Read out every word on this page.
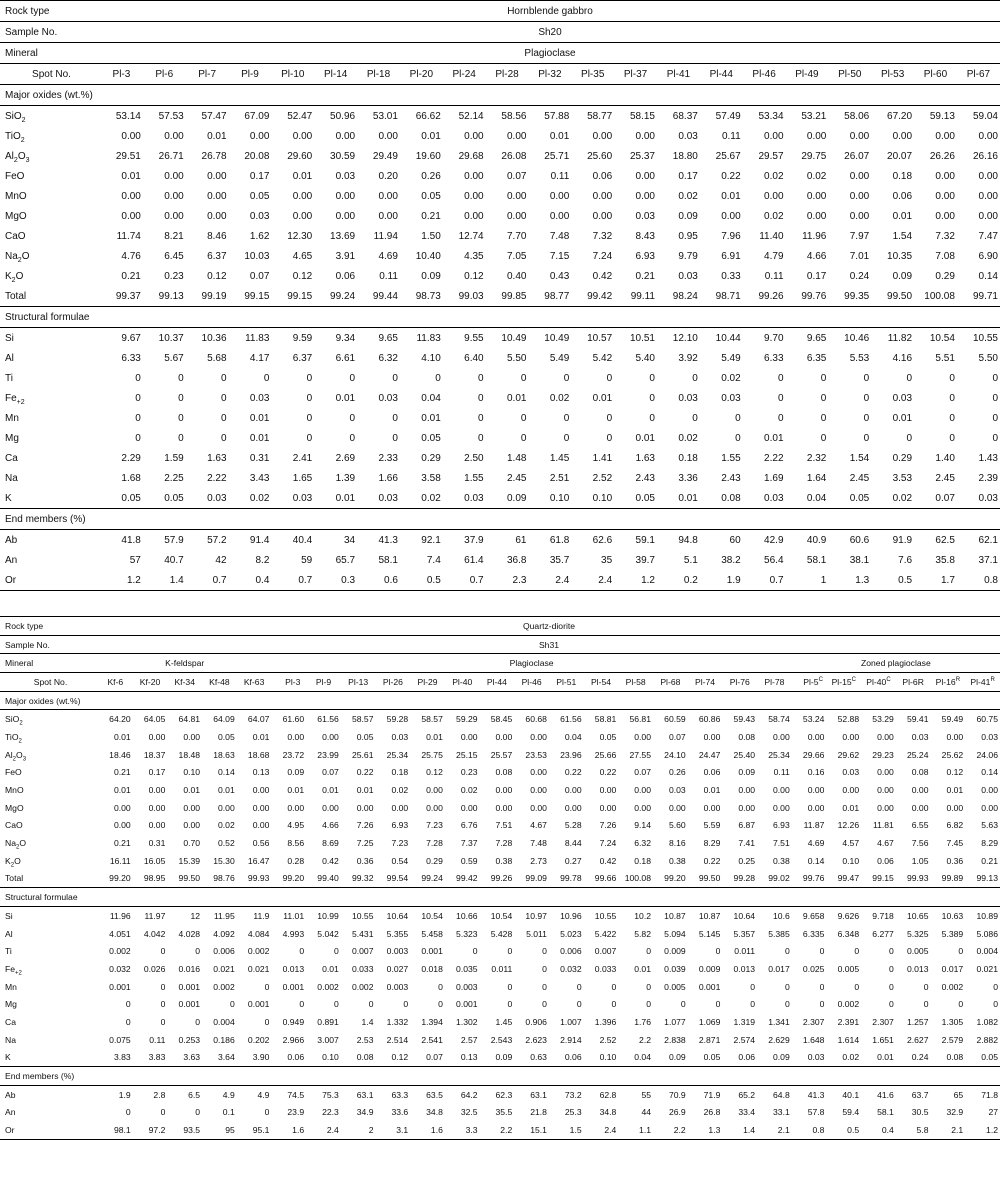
Rock type	Hornblende gabbro																				
Sample No.	Sh20																				
Mineral	Plagioclase																				
Spot No.	Pl-3	Pl-6	Pl-7	Pl-9	Pl-10	Pl-14	Pl-18	Pl-20	Pl-24	Pl-28	Pl-32	Pl-35	Pl-37	Pl-41	Pl-44	Pl-46	Pl-49	Pl-50	Pl-53	Pl-60	Pl-67
Major oxides (wt.%)																					
SiO$_2$	53.14	57.53	57.47	67.09	52.47	50.96	53.01	66.62	52.14	58.56	57.88	58.77	58.15	68.37	57.49	53.34	53.21	58.06	67.20	59.13	59.04
TiO$_2$	0.00	0.00	0.01	0.00	0.00	0.00	0.00	0.01	0.00	0.00	0.01	0.00	0.00	0.03	0.11	0.00	0.00	0.00	0.00	0.00	0.00
$Al_2O_3$	29.51	26.71	26.78	20.08	29.60	30.59	29.49	19.60	29.68	26.08	25.71	25.60	25.37	18.80	25.67	29.57	29.75	26.07	20.07	26.26	26.16
FeO	0.01	0.00	0.00	0.17	0.01	0.03	0.20	0.26	0.00	0.07	0.11	0.06	0.00	0.17	0.22	0.02	0.02	0.00	0.18	0.00	0.00
MnO	0.00	0.00	0.00	0.05	0.00	0.00	0.00	0.05	0.00	0.00	0.00	0.00	0.00	0.02	0.01	0.00	0.00	0.00	0.06	0.00	0.00
MgO	0.00	0.00	0.00	0.03	0.00	0.00	0.00	0.21	0.00	0.00	0.00	0.00	0.03	0.09	0.00	0.02	0.00	0.00	0.01	0.00	0.00
CaO	11.74	8.21	8.46	1.62	12.30	13.69	11.94	1.50	12.74	7.70	7.48	7.32	8.43	0.95	7.96	11.40	11.96	7.97	1.54	7.32	7.47
$Na_2O$	4.76	6.45	6.37	10.03	4.65	3.91	4.69	10.40	4.35	7.05	7.15	7.24	6.93	9.79	6.91	4.79	4.66	7.01	10.35	7.08	6.90
$K_2O$	0.21	0.23	0.12	0.07	0.12	0.06	0.11	0.09	0.12	0.40	0.43	0.42	0.21	0.03	0.33	0.11	0.17	0.24	0.09	0.29	0.14
Total	99.37	99.13	99.19	99.15	99.15	99.24	99.44	98.73	99.03	99.85	98.77	99.42	99.11	98.24	98.71	99.26	99.76	99.35	99.50	100.08	99.71
Structural formulae																					
Si	9.67	10.37	10.36	11.83	9.59	9.34	9.65	11.83	9.55	10.49	10.49	10.57	10.51	12.10	10.44	9.70	9.65	10.46	11.82	10.54	10.55
Al	6.33	5.67	5.68	4.17	6.37	6.61	6.32	4.10	6.40	5.50	5.49	5.42	5.40	3.92	5.49	6.33	6.35	5.53	4.16	5.51	5.50
Ti	0	0	0	0	0	0	0	0	0	0	0	0	0	0	0.02	0	0	0	0	0	0
$Fe_{+2}$	0	0	0	0.03	0	0.01	0.03	0.04	0	0.01	0.02	0.01	0	0.03	0.03	0	0	0	0.03	0	0
Mn	0	0	0	0.01	0	0	0	0.01	0	0	0	0	0	0	0	0	0	0	0.01	0	0
Mg	0	0	0	0.01	0	0	0	0.05	0	0	0	0	0.01	0.02	0	0.01	0	0	0	0	0
Ca	2.29	1.59	1.63	0.31	2.41	2.69	2.33	0.29	2.50	1.48	1.45	1.41	1.63	0.18	1.55	2.22	2.32	1.54	0.29	1.40	1.43
Na	1.68	2.25	2.22	3.43	1.65	1.39	1.66	3.58	1.55	2.45	2.51	2.52	2.43	3.36	2.43	1.69	1.64	2.45	3.53	2.45	2.39
K	0.05	0.05	0.03	0.02	0.03	0.01	0.03	0.02	0.03	0.09	0.10	0.10	0.05	0.01	0.08	0.03	0.04	0.05	0.02	0.07	0.03
End members (%)																					
Ab	41.8	57.9	57.2	91.4	40.4	34	41.3	92.1	37.9	61	61.8	62.6	59.1	94.8	60	42.9	40.9	60.6	91.9	62.5	62.1
An	57	40.7	42	8.2	59	65.7	58.1	7.4	61.4	36.8	35.7	35	39.7	5.1	38.2	56.4	58.1	38.1	7.6	35.8	37.1
Or	1.2	1.4	0.7	0.4	0.7	0.3	0.6	0.5	0.7	2.3	2.4	2.4	1.2	0.2	1.9	0.7	1	1.3	0.5	1.7	0.8
Rock type	Quartz-diorite																									
Sample No.	Sh31																									
Mineral	K-feldspar					Plagioclase															Zoned plagioclase					
Spot No.	Kf-6	Kf-20	Kf-34	Kf-48	Kf-63	Pl-3	Pl-9	Pl-13	Pl-26	Pl-29	Pl-40	Pl-44	Pl-46	Pl-51	Pl-54	Pl-58	Pl-68	Pl-74	Pl-76	Pl-78	$Pl-5^C$	$Pl-15^C$	$Pl-40^C$	Pl-6R	$Pl-16^R$	$Pl-41^R$
Major oxides (wt.%)																										
SiO$_2$	64.20	64.05	64.81	64.09	64.07	61.60	61.56	58.57	59.28	58.57	59.29	58.45	60.68	61.56	58.81	56.81	60.59	60.86	59.43	58.74	53.24	52.88	53.29	59.41	59.49	60.75
TiO$_2$	0.01	0.00	0.00	0.05	0.01	0.00	0.00	0.05	0.03	0.01	0.00	0.00	0.00	0.04	0.05	0.00	0.07	0.00	0.08	0.00	0.00	0.00	0.00	0.03	0.00	0.03
$Al_2O_3$	18.46	18.37	18.48	18.63	18.68	23.72	23.99	25.61	25.34	25.75	25.15	25.57	23.53	23.96	25.66	27.55	24.10	24.47	25.40	25.34	29.66	29.62	29.23	25.24	25.62	24.06
FeO	0.21	0.17	0.10	0.14	0.13	0.09	0.07	0.22	0.18	0.12	0.23	0.08	0.00	0.22	0.22	0.07	0.26	0.06	0.09	0.11	0.16	0.03	0.00	0.08	0.12	0.14
MnO	0.01	0.00	0.01	0.01	0.00	0.01	0.01	0.01	0.02	0.00	0.02	0.00	0.00	0.00	0.00	0.00	0.03	0.01	0.00	0.00	0.00	0.00	0.00	0.00	0.01	0.00
MgO	0.00	0.00	0.00	0.00	0.00	0.00	0.00	0.00	0.00	0.00	0.00	0.00	0.00	0.00	0.00	0.00	0.00	0.00	0.00	0.00	0.00	0.01	0.00	0.00	0.00	0.00
CaO	0.00	0.00	0.00	0.02	0.00	4.95	4.66	7.26	6.93	7.23	6.76	7.51	4.67	5.28	7.26	9.14	5.60	5.59	6.87	6.93	11.87	12.26	11.81	6.55	6.82	5.63
$Na_2O$	0.21	0.31	0.70	0.52	0.56	8.56	8.69	7.25	7.23	7.28	7.37	7.28	7.48	8.44	7.24	6.32	8.16	8.29	7.41	7.51	4.69	4.57	4.67	7.56	7.45	8.29
$K_2O$	16.11	16.05	15.39	15.30	16.47	0.28	0.42	0.36	0.54	0.29	0.59	0.38	2.73	0.27	0.42	0.18	0.38	0.22	0.25	0.38	0.14	0.10	0.06	1.05	0.36	0.21
Total	99.20	98.95	99.50	98.76	99.93	99.20	99.40	99.32	99.54	99.24	99.42	99.26	99.09	99.78	99.66	100.08	99.20	99.50	99.28	99.02	99.76	99.47	99.15	99.93	99.89	99.13
Structural formulae																										
Si	11.96	11.97	12	11.95	11.9	11.01	10.99	10.55	10.64	10.54	10.66	10.54	10.97	10.96	10.55	10.2	10.87	10.87	10.64	10.6	9.658	9.626	9.718	10.65	10.63	10.89
Al	4.051	4.042	4.028	4.092	4.084	4.993	5.042	5.431	5.355	5.458	5.323	5.428	5.011	5.023	5.422	5.82	5.094	5.145	5.357	5.385	6.335	6.348	6.277	5.325	5.389	5.086
Ti	0.002	0	0	0.006	0.002	0	0	0.007	0.003	0.001	0	0	0	0.006	0.007	0	0.009	0	0.011	0	0	0	0	0.005	0	0.004
$Fe_{+2}$	0.032	0.026	0.016	0.021	0.021	0.013	0.01	0.033	0.027	0.018	0.035	0.011	0	0.032	0.033	0.01	0.039	0.009	0.013	0.017	0.025	0.005	0	0.013	0.017	0.021
Mn	0.001	0	0.001	0.002	0	0.001	0.002	0.002	0.003	0	0.003	0	0	0	0	0	0.005	0.001	0	0	0	0	0	0	0.002	0
Mg	0	0	0.001	0	0.001	0	0	0	0	0	0.001	0	0	0	0	0	0	0	0	0	0	0.002	0	0	0	0
Ca	0	0	0	0.004	0	0.949	0.891	1.4	1.332	1.394	1.302	1.45	0.906	1.007	1.396	1.76	1.077	1.069	1.319	1.341	2.307	2.391	2.307	1.257	1.305	1.082
Na	0.075	0.11	0.253	0.186	0.202	2.966	3.007	2.53	2.514	2.541	2.57	2.543	2.623	2.914	2.52	2.2	2.838	2.871	2.574	2.629	1.648	1.614	1.651	2.627	2.579	2.882
K	3.83	3.83	3.63	3.64	3.90	0.06	0.10	0.08	0.12	0.07	0.13	0.09	0.63	0.06	0.10	0.04	0.09	0.05	0.06	0.09	0.03	0.02	0.01	0.24	0.08	0.05
End members (%)																										
Ab	1.9	2.8	6.5	4.9	4.9	74.5	75.3	63.1	63.3	63.5	64.2	62.3	63.1	73.2	62.8	55	70.9	71.9	65.2	64.8	41.3	40.1	41.6	63.7	65	71.8
An	0	0	0	0.1	0	23.9	22.3	34.9	33.6	34.8	32.5	35.5	21.8	25.3	34.8	44	26.9	26.8	33.4	33.1	57.8	59.4	58.1	30.5	32.9	27
Or	98.1	97.2	93.5	95	95.1	1.6	2.4	2	3.1	1.6	3.3	2.2	15.1	1.5	2.4	1.1	2.2	1.3	1.4	2.1	0.8	0.5	0.4	5.8	2.1	1.2
